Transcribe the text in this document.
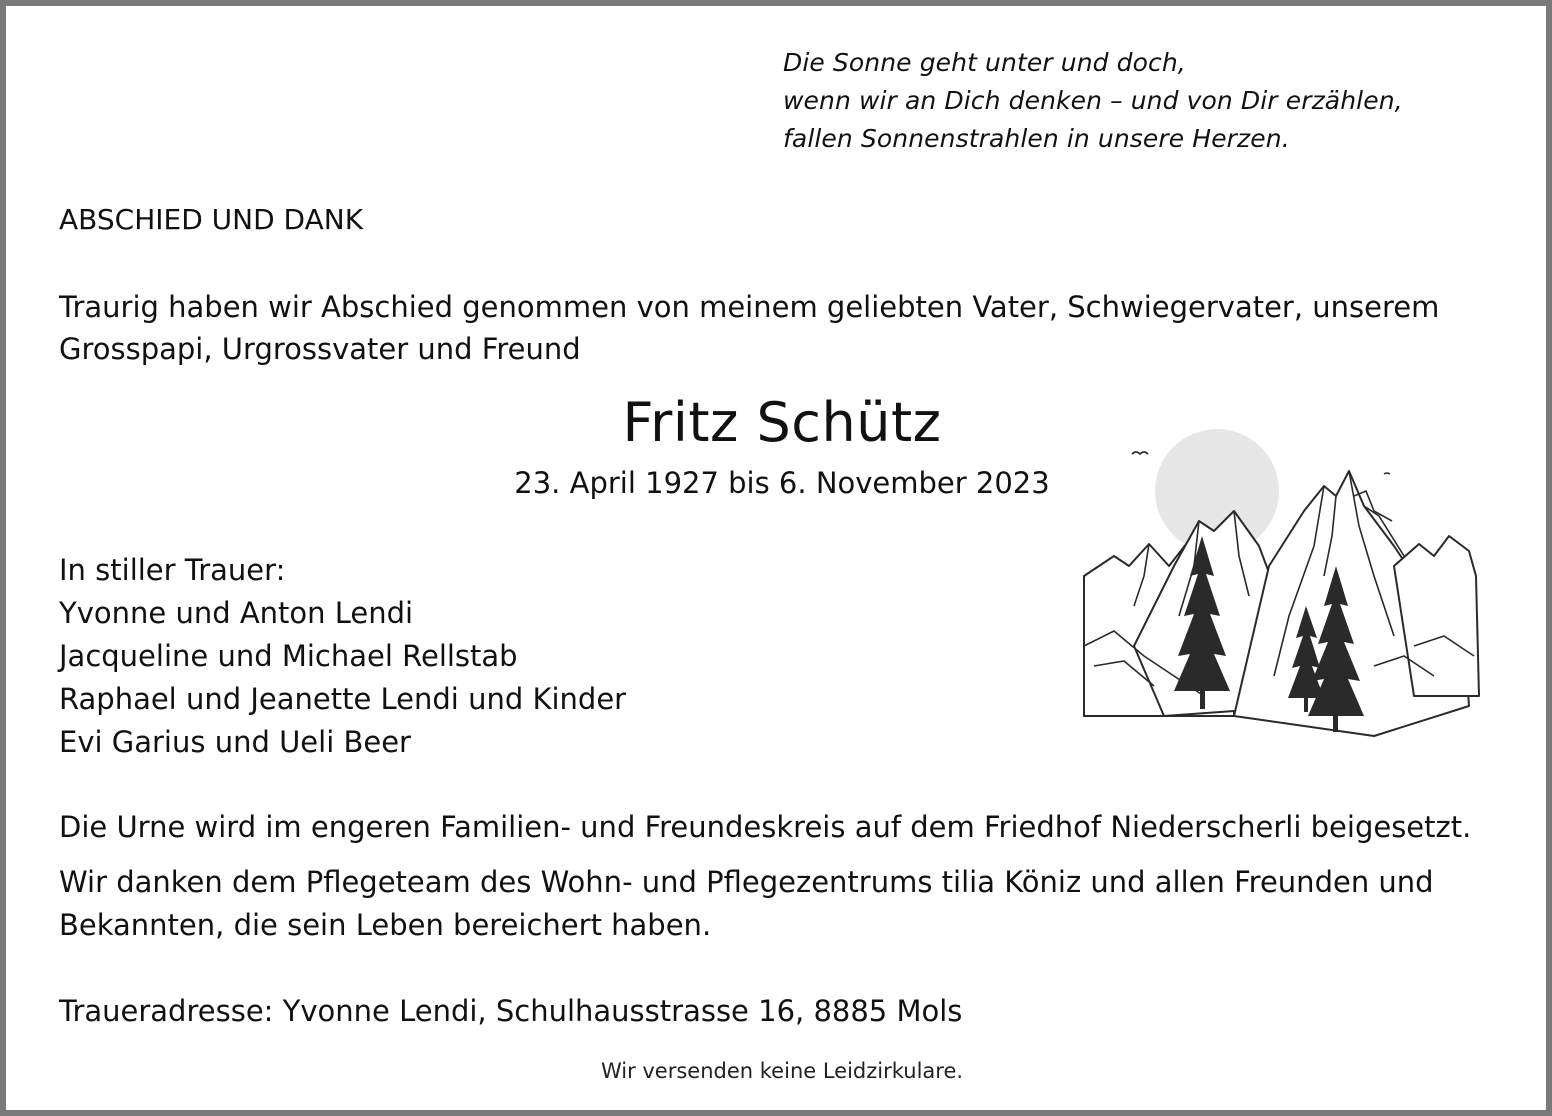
Die Sonne geht unter und doch,
wenn wir an Dich denken – und von Dir erzählen,
fallen Sonnenstrahlen in unsere Herzen.
ABSCHIED UND DANK
Traurig haben wir Abschied genommen von meinem geliebten Vater, Schwiegervater, unserem Grosspapi, Urgrossvater und Freund
Fritz Schütz
23. April 1927 bis 6. November 2023
In stiller Trauer:
Yvonne und Anton Lendi
Jacqueline und Michael Rellstab
Raphael und Jeanette Lendi und Kinder
Evi Garius und Ueli Beer
Die Urne wird im engeren Familien- und Freundeskreis auf dem Friedhof Niederscherli beigesetzt.
Wir danken dem Pflegeteam des Wohn- und Pflegezentrums tilia Köniz und allen Freunden und Bekannten, die sein Leben bereichert haben.
Traueradresse: Yvonne Lendi, Schulhausstrasse 16, 8885 Mols
Wir versenden keine Leidzirkulare.
